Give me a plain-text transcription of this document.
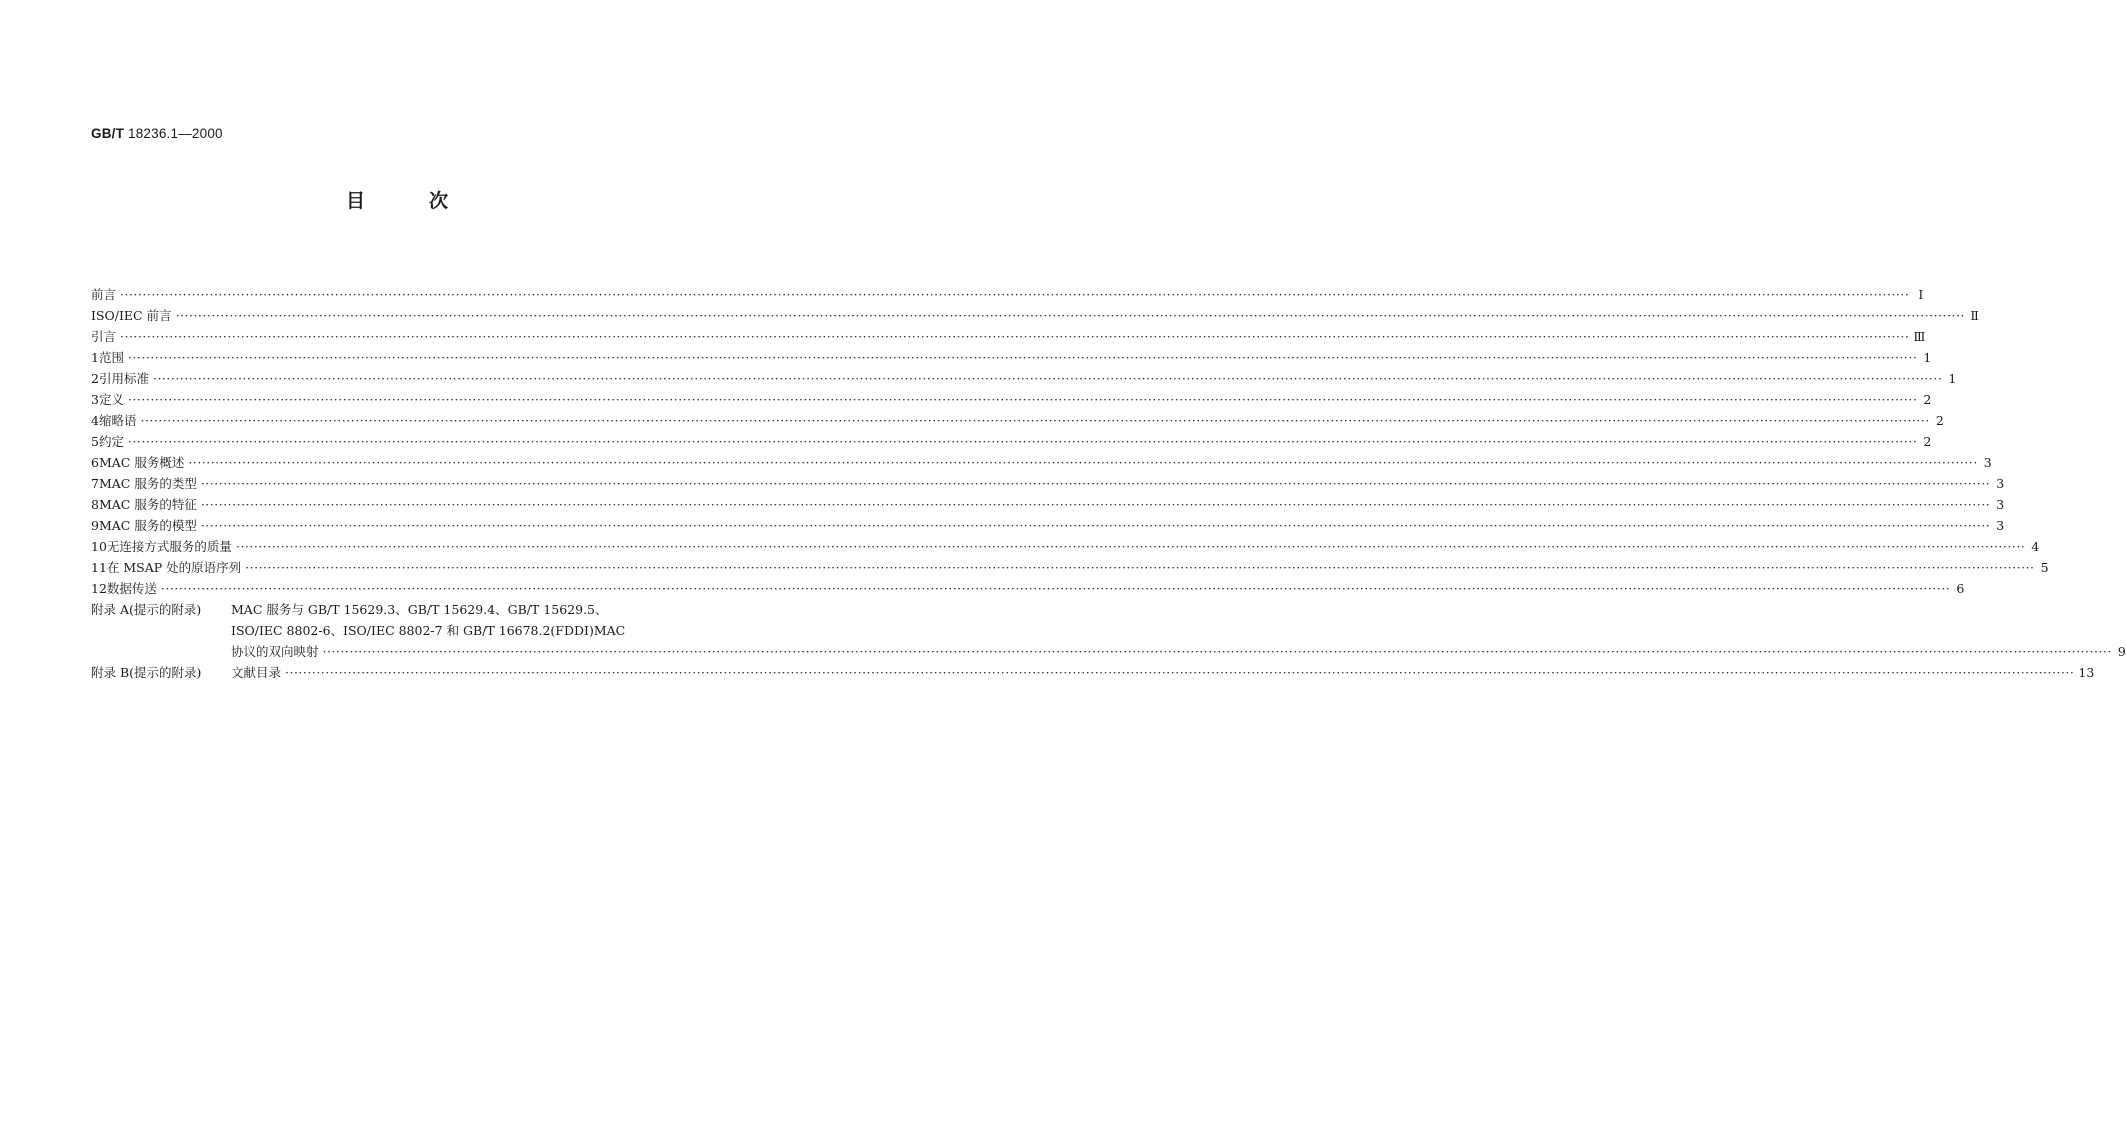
GB/T 18236.1—2000
目次
前言 ················································································································································································································································································································································································································ I
ISO/IEC 前言 ················································································································································································································································································································································································································ Ⅱ
引言 ················································································································································································································································································································································································································ Ⅲ
1 范围 ················································································································································································································································································································································································································ 1
2 引用标准 ················································································································································································································································································································································································································ 1
3 定义 ················································································································································································································································································································································································································ 2
4 缩略语 ················································································································································································································································································································································································································ 2
5 约定 ················································································································································································································································································································································································································ 2
6 MAC 服务概述 ················································································································································································································································································································································································································ 3
7 MAC 服务的类型 ················································································································································································································································································································································································································ 3
8 MAC 服务的特征 ················································································································································································································································································································································································································ 3
9 MAC 服务的模型 ················································································································································································································································································································································································································ 3
10 无连接方式服务的质量 ················································································································································································································································································································································································································ 4
11 在 MSAP 处的原语序列 ················································································································································································································································································································································································································ 5
12 数据传送 ················································································································································································································································································································································································································ 6
附录 A(提示的附录)	MAC 服务与 GB/T 15629.3、GB/T 15629.4、GB/T 15629.5、
ISO/IEC 8802-6、ISO/IEC 8802-7 和 GB/T 16678.2(FDDI)MAC
协议的双向映射 ················································································································································································································································································································································································································ 9
附录 B(提示的附录)	文献目录 ················································································································································································································································································································································································································ 13
